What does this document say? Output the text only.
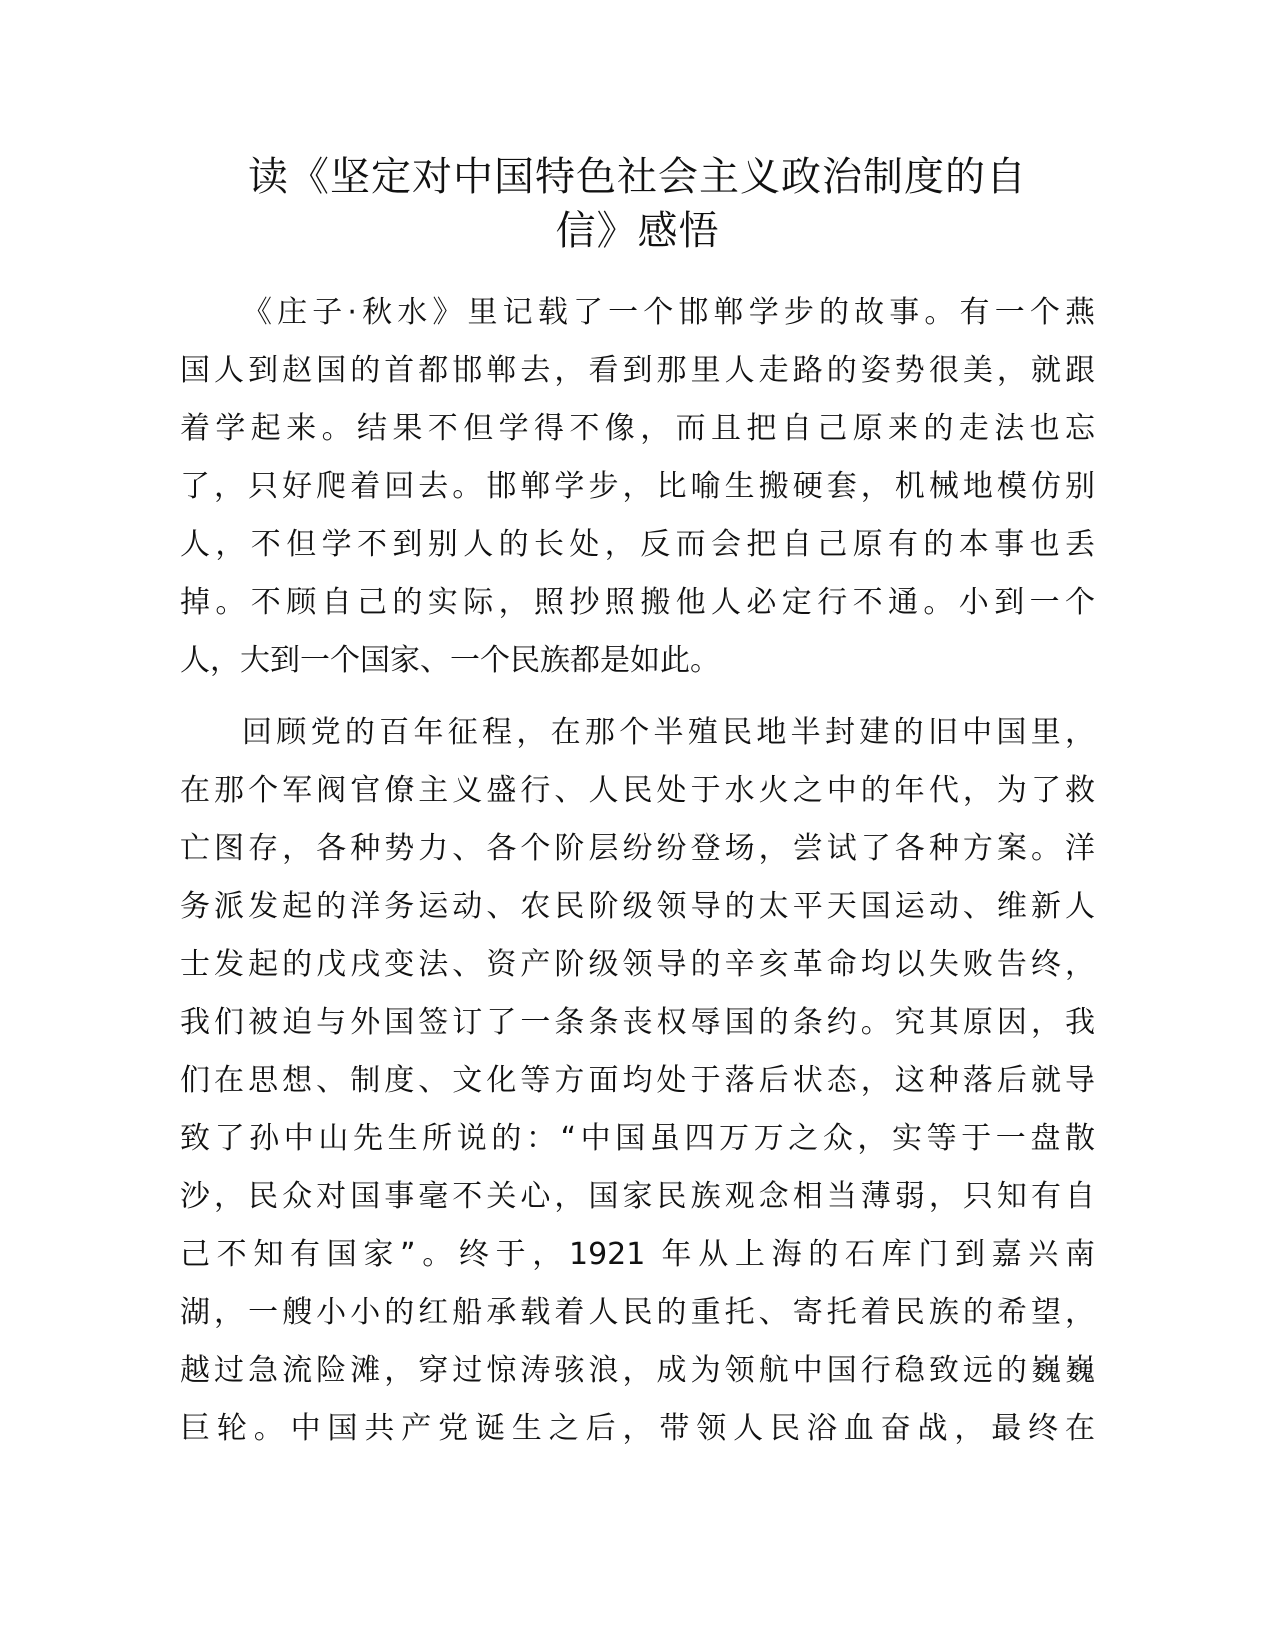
读《坚定对中国特色社会主义政治制度的自
信》感悟
《庄子·秋水》里记载了一个邯郸学步的故事。有一个燕
国人到赵国的首都邯郸去，看到那里人走路的姿势很美，就跟
着学起来。结果不但学得不像，而且把自己原来的走法也忘
了，只好爬着回去。邯郸学步，比喻生搬硬套，机械地模仿别
人，不但学不到别人的长处，反而会把自己原有的本事也丢
掉。不顾自己的实际，照抄照搬他人必定行不通。小到一个
人，大到一个国家、一个民族都是如此。
回顾党的百年征程，在那个半殖民地半封建的旧中国里，
在那个军阀官僚主义盛行、人民处于水火之中的年代，为了救
亡图存，各种势力、各个阶层纷纷登场，尝试了各种方案。洋
务派发起的洋务运动、农民阶级领导的太平天国运动、维新人
士发起的戊戌变法、资产阶级领导的辛亥革命均以失败告终，
我们被迫与外国签订了一条条丧权辱国的条约。究其原因，我
们在思想、制度、文化等方面均处于落后状态，这种落后就导
致了孙中山先生所说的：“中国虽四万万之众，实等于一盘散
沙，民众对国事毫不关心，国家民族观念相当薄弱，只知有自
己不知有国家”。终于，1921 年从上海的石库门到嘉兴南
湖，一艘小小的红船承载着人民的重托、寄托着民族的希望，
越过急流险滩，穿过惊涛骇浪，成为领航中国行稳致远的巍巍
巨轮。中国共产党诞生之后，带领人民浴血奋战，最终在
